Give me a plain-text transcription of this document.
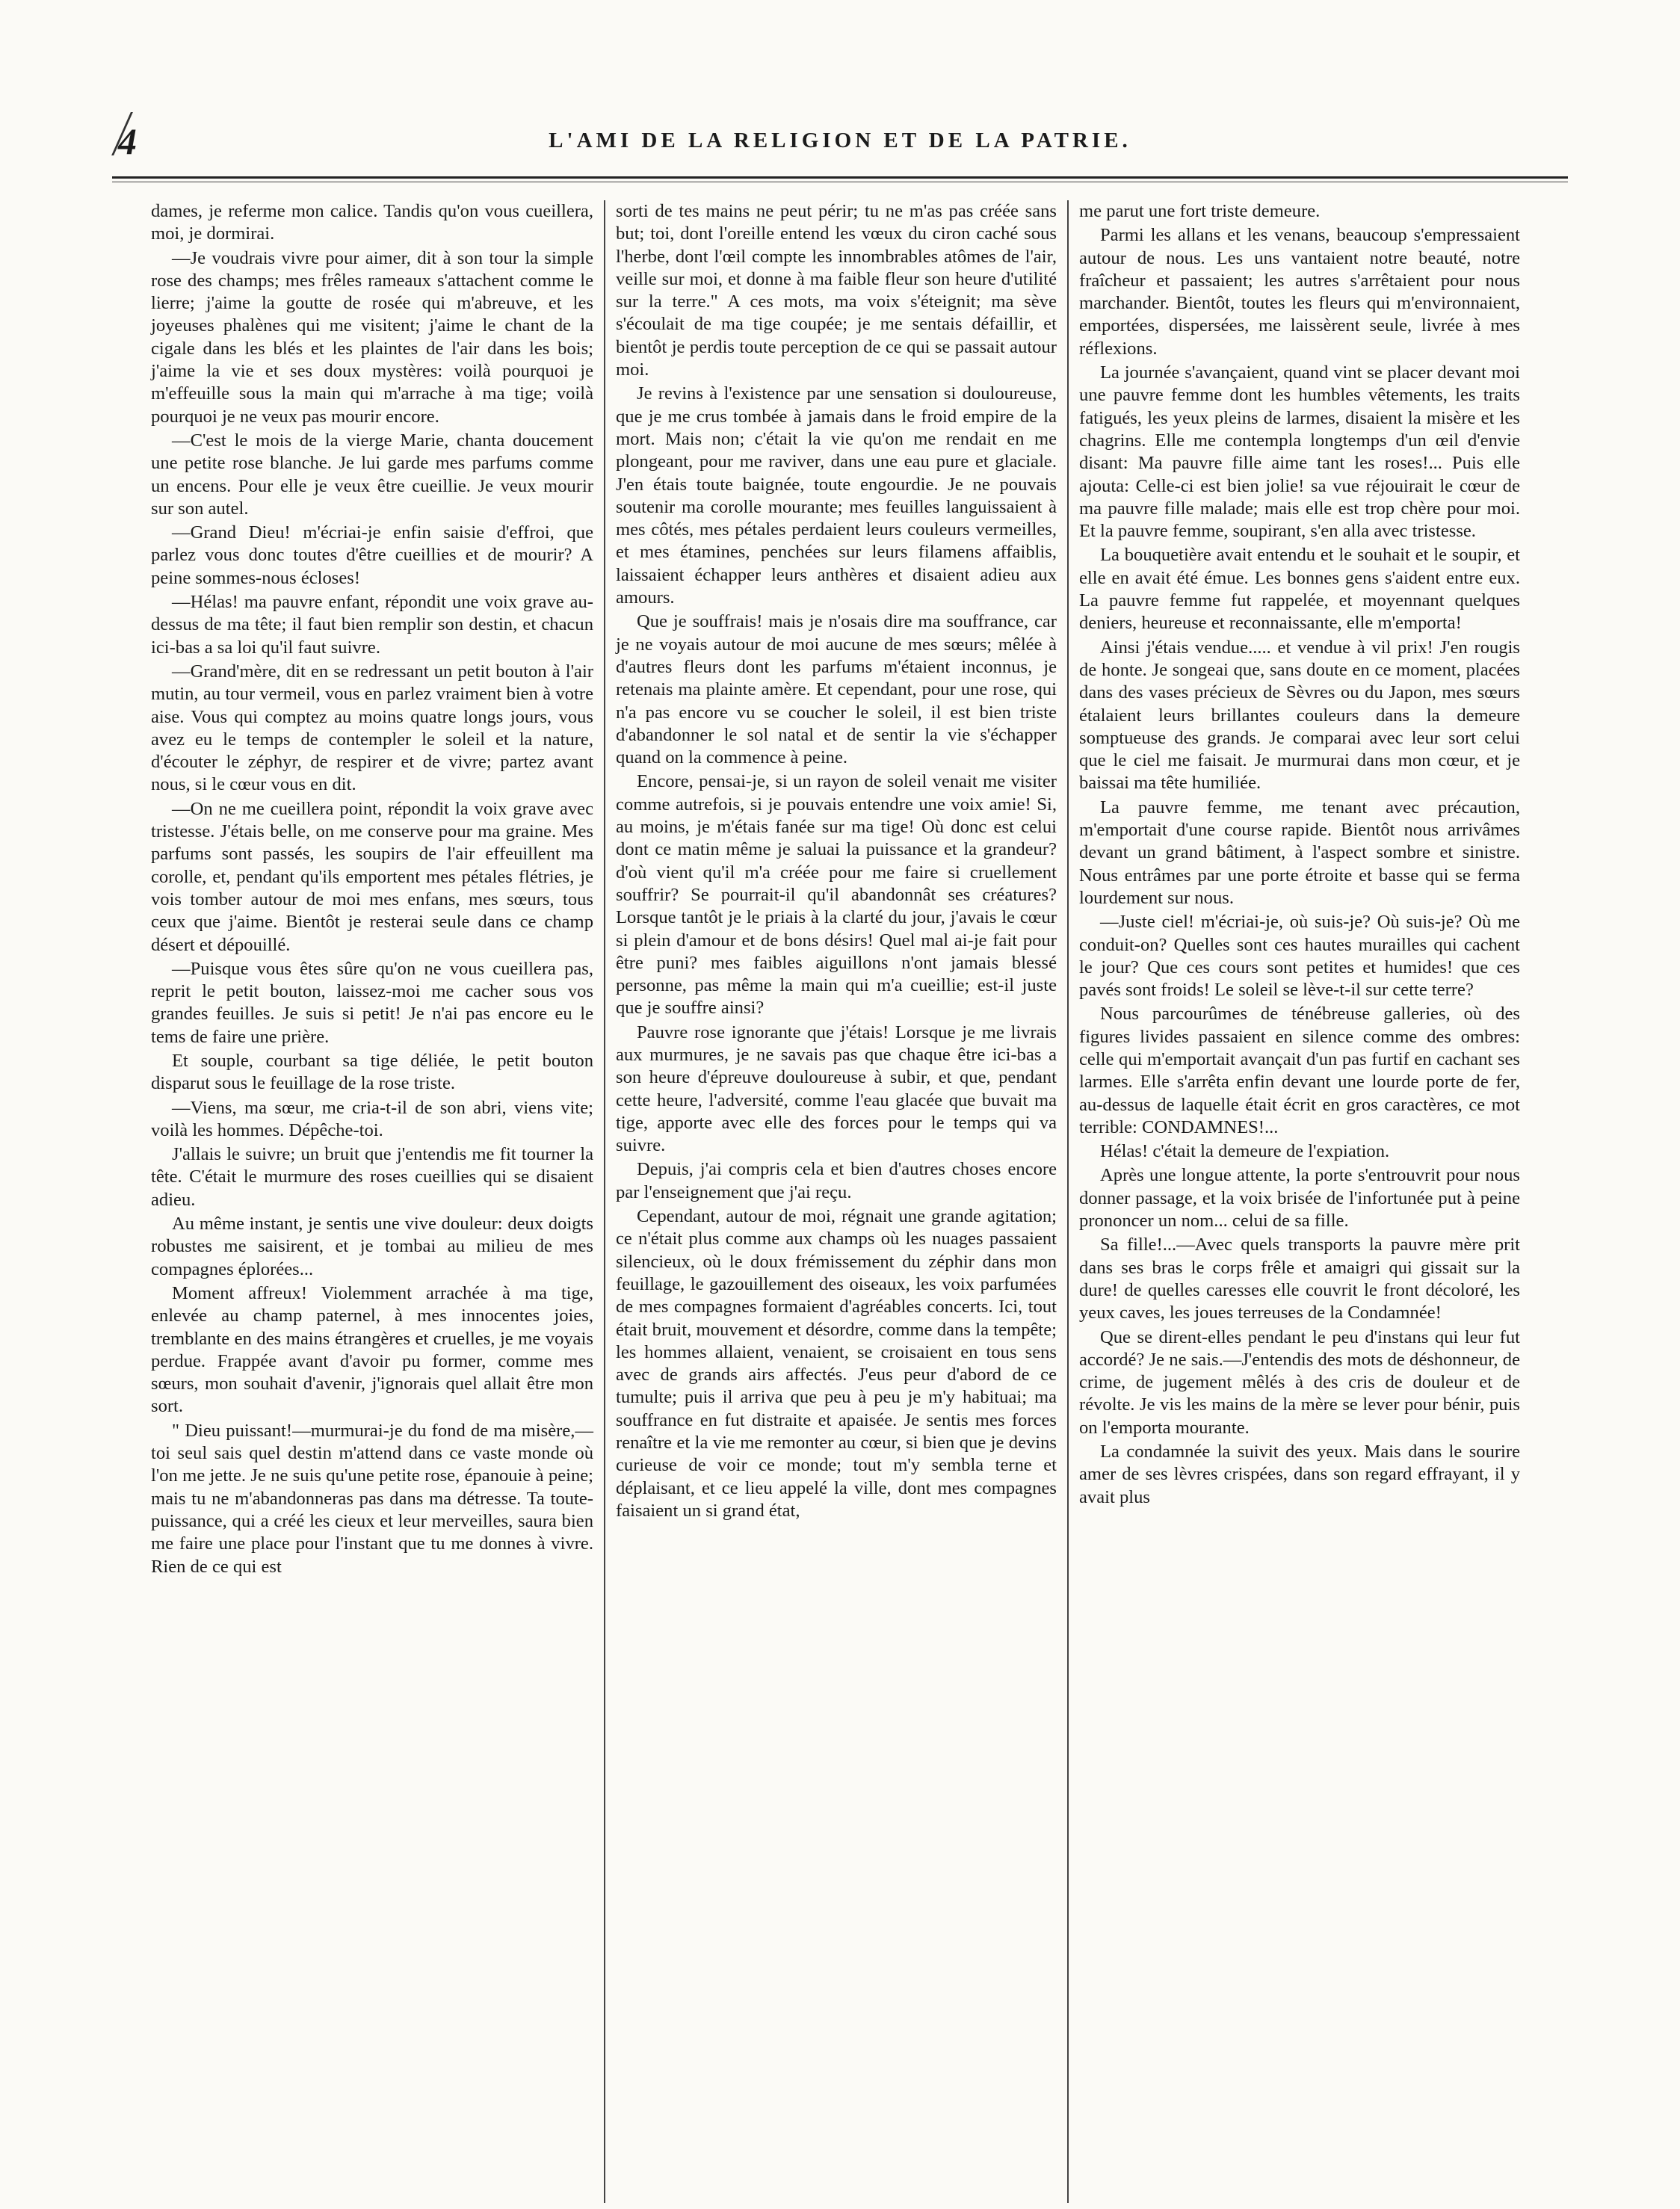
4	L'AMI DE LA RELIGION ET DE LA PATRIE.

dames, je referme mon calice. Tandis qu'on vous cueillera, moi, je dormirai.

—Je voudrais vivre pour aimer, dit à son tour la simple rose des champs; mes frêles rameaux s'attachent comme le lierre; j'aime la goutte de rosée qui m'abreuve, et les joyeuses phalènes qui me visitent; j'aime le chant de la cigale dans les blés et les plaintes de l'air dans les bois; j'aime la vie et ses doux mystères: voilà pourquoi je m'effeuille sous la main qui m'arrache à ma tige; voilà pourquoi je ne veux pas mourir encore.

—C'est le mois de la vierge Marie, chanta doucement une petite rose blanche. Je lui garde mes parfums comme un encens. Pour elle je veux être cueillie. Je veux mourir sur son autel.

—Grand Dieu! m'écriai-je enfin saisie d'effroi, que parlez vous donc toutes d'être cueillies et de mourir? A peine sommes-nous écloses!

—Hélas! ma pauvre enfant, répondit une voix grave au-dessus de ma tête; il faut bien remplir son destin, et chacun ici-bas a sa loi qu'il faut suivre.

—Grand'mère, dit en se redressant un petit bouton à l'air mutin, au tour vermeil, vous en parlez vraiment bien à votre aise. Vous qui comptez au moins quatre longs jours, vous avez eu le temps de contempler le soleil et la nature, d'écouter le zéphyr, de respirer et de vivre; partez avant nous, si le cœur vous en dit.

—On ne me cueillera point, répondit la voix grave avec tristesse. J'étais belle, on me conserve pour ma graine. Mes parfums sont passés, les soupirs de l'air effeuillent ma corolle, et, pendant qu'ils emportent mes pétales flétries, je vois tomber autour de moi mes enfans, mes sœurs, tous ceux que j'aime. Bientôt je resterai seule dans ce champ désert et dépouillé.

—Puisque vous êtes sûre qu'on ne vous cueillera pas, reprit le petit bouton, laissez-moi me cacher sous vos grandes feuilles. Je suis si petit! Je n'ai pas encore eu le tems de faire une prière.

Et souple, courbant sa tige déliée, le petit bouton disparut sous le feuillage de la rose triste.

—Viens, ma sœur, me cria-t-il de son abri, viens vite; voilà les hommes. Dépêche-toi.

J'allais le suivre; un bruit que j'entendis me fit tourner la tête. C'était le murmure des roses cueillies qui se disaient adieu.

Au même instant, je sentis une vive douleur: deux doigts robustes me saisirent, et je tombai au milieu de mes compagnes éplorées...

Moment affreux! Violemment arrachée à ma tige, enlevée au champ paternel, à mes innocentes joies, tremblante en des mains étrangères et cruelles, je me voyais perdue. Frappée avant d'avoir pu former, comme mes sœurs, mon souhait d'avenir, j'ignorais quel allait être mon sort.

" Dieu puissant!—murmurai-je du fond de ma misère,—toi seul sais quel destin m'attend dans ce vaste monde où l'on me jette. Je ne suis qu'une petite rose, épanouie à peine; mais tu ne m'abandonneras pas dans ma détresse. Ta toute-puissance, qui a créé les cieux et leur merveilles, saura bien me faire une place pour l'instant que tu me donnes à vivre. Rien de ce qui est

sorti de tes mains ne peut périr; tu ne m'as pas créée sans but; toi, dont l'oreille entend les vœux du ciron caché sous l'herbe, dont l'œil compte les innombrables atômes de l'air, veille sur moi, et donne à ma faible fleur son heure d'utilité sur la terre." A ces mots, ma voix s'éteignit; ma sève s'écoulait de ma tige coupée; je me sentais défaillir, et bientôt je perdis toute perception de ce qui se passait autour moi.

Je revins à l'existence par une sensation si douloureuse, que je me crus tombée à jamais dans le froid empire de la mort. Mais non; c'était la vie qu'on me rendait en me plongeant, pour me raviver, dans une eau pure et glaciale. J'en étais toute baignée, toute engourdie. Je ne pouvais soutenir ma corolle mourante; mes feuilles languissaient à mes côtés, mes pétales perdaient leurs couleurs vermeilles, et mes étamines, penchées sur leurs filamens affaiblis, laissaient échapper leurs anthères et disaient adieu aux amours.

Que je souffrais! mais je n'osais dire ma souffrance, car je ne voyais autour de moi aucune de mes sœurs; mêlée à d'autres fleurs dont les parfums m'étaient inconnus, je retenais ma plainte amère. Et cependant, pour une rose, qui n'a pas encore vu se coucher le soleil, il est bien triste d'abandonner le sol natal et de sentir la vie s'échapper quand on la commence à peine.

Encore, pensai-je, si un rayon de soleil venait me visiter comme autrefois, si je pouvais entendre une voix amie! Si, au moins, je m'étais fanée sur ma tige! Où donc est celui dont ce matin même je saluai la puissance et la grandeur? d'où vient qu'il m'a créée pour me faire si cruellement souffrir? Se pourrait-il qu'il abandonnât ses créatures? Lorsque tantôt je le priais à la clarté du jour, j'avais le cœur si plein d'amour et de bons désirs! Quel mal ai-je fait pour être puni? mes faibles aiguillons n'ont jamais blessé personne, pas même la main qui m'a cueillie; est-il juste que je souffre ainsi?

Pauvre rose ignorante que j'étais! Lorsque je me livrais aux murmures, je ne savais pas que chaque être ici-bas a son heure d'épreuve douloureuse à subir, et que, pendant cette heure, l'adversité, comme l'eau glacée que buvait ma tige, apporte avec elle des forces pour le temps qui va suivre.

Depuis, j'ai compris cela et bien d'autres choses encore par l'enseignement que j'ai reçu.

Cependant, autour de moi, régnait une grande agitation; ce n'était plus comme aux champs où les nuages passaient silencieux, où le doux frémissement du zéphir dans mon feuillage, le gazouillement des oiseaux, les voix parfumées de mes compagnes formaient d'agréables concerts. Ici, tout était bruit, mouvement et désordre, comme dans la tempête; les hommes allaient, venaient, se croisaient en tous sens avec de grands airs affectés. J'eus peur d'abord de ce tumulte; puis il arriva que peu à peu je m'y habituai; ma souffrance en fut distraite et apaisée. Je sentis mes forces renaître et la vie me remonter au cœur, si bien que je devins curieuse de voir ce monde; tout m'y sembla terne et déplaisant, et ce lieu appelé la ville, dont mes compagnes faisaient un si grand état,

me parut une fort triste demeure.

Parmi les allans et les venans, beaucoup s'empressaient autour de nous. Les uns vantaient notre beauté, notre fraîcheur et passaient; les autres s'arrêtaient pour nous marchander. Bientôt, toutes les fleurs qui m'environnaient, emportées, dispersées, me laissèrent seule, livrée à mes réflexions.

La journée s'avançaient, quand vint se placer devant moi une pauvre femme dont les humbles vêtements, les traits fatigués, les yeux pleins de larmes, disaient la misère et les chagrins. Elle me contempla longtemps d'un œil d'envie disant: Ma pauvre fille aime tant les roses!... Puis elle ajouta: Celle-ci est bien jolie! sa vue réjouirait le cœur de ma pauvre fille malade; mais elle est trop chère pour moi. Et la pauvre femme, soupirant, s'en alla avec tristesse.

La bouquetière avait entendu et le souhait et le soupir, et elle en avait été émue. Les bonnes gens s'aident entre eux. La pauvre femme fut rappelée, et moyennant quelques deniers, heureuse et reconnaissante, elle m'emporta!

Ainsi j'étais vendue..... et vendue à vil prix! J'en rougis de honte. Je songeai que, sans doute en ce moment, placées dans des vases précieux de Sèvres ou du Japon, mes sœurs étalaient leurs brillantes couleurs dans la demeure somptueuse des grands. Je comparai avec leur sort celui que le ciel me faisait. Je murmurai dans mon cœur, et je baissai ma tête humiliée.

La pauvre femme, me tenant avec précaution, m'emportait d'une course rapide. Bientôt nous arrivâmes devant un grand bâtiment, à l'aspect sombre et sinistre. Nous entrâmes par une porte étroite et basse qui se ferma lourdement sur nous.

—Juste ciel! m'écriai-je, où suis-je? Où suis-je? Où me conduit-on? Quelles sont ces hautes murailles qui cachent le jour? Que ces cours sont petites et humides! que ces pavés sont froids! Le soleil se lève-t-il sur cette terre?

Nous parcourûmes de ténébreuse galleries, où des figures livides passaient en silence comme des ombres: celle qui m'emportait avançait d'un pas furtif en cachant ses larmes. Elle s'arrêta enfin devant une lourde porte de fer, au-dessus de laquelle était écrit en gros caractères, ce mot terrible: CONDAMNES!...

Hélas! c'était la demeure de l'expiation.

Après une longue attente, la porte s'entrouvrit pour nous donner passage, et la voix brisée de l'infortunée put à peine prononcer un nom... celui de sa fille.

Sa fille!...—Avec quels transports la pauvre mère prit dans ses bras le corps frêle et amaigri qui gissait sur la dure! de quelles caresses elle couvrit le front décoloré, les yeux caves, les joues terreuses de la Condamnée!

Que se dirent-elles pendant le peu d'instans qui leur fut accordé? Je ne sais.—J'entendis des mots de déshonneur, de crime, de jugement mêlés à des cris de douleur et de révolte. Je vis les mains de la mère se lever pour bénir, puis on l'emporta mourante.

La condamnée la suivit des yeux. Mais dans le sourire amer de ses lèvres crispées, dans son regard effrayant, il y avait plus
